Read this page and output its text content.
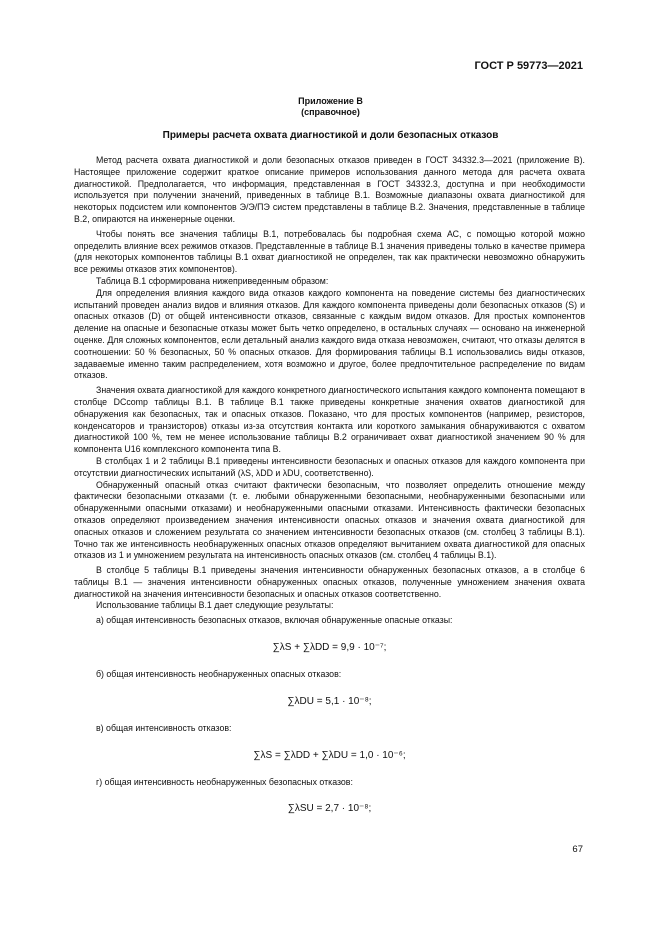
ГОСТ Р 59773—2021
Приложение В
(справочное)
Примеры расчета охвата диагностикой и доли безопасных отказов

Метод расчета охвата диагностикой и доли безопасных отказов приведен в ГОСТ 34332.3—2021 (приложение В). Настоящее приложение содержит краткое описание примеров использования данного метода для расчета охвата диагностикой. Предполагается, что информация, представленная в ГОСТ 34332.3, доступна и при необходимости используется при получении значений, приведенных в таблице В.1. Возможные диапазоны охвата диагностикой для некоторых подсистем или компонентов Э/Э/ПЭ систем представлены в таблице В.2. Значения, представленные в таблице В.2, опираются на инженерные оценки.

Чтобы понять все значения таблицы В.1, потребовалась бы подробная схема АС, с помощью которой можно определить влияние всех режимов отказов. Представленные в таблице В.1 значения приведены только в качестве примера (для некоторых компонентов таблицы В.1 охват диагностикой не определен, так как практически невозможно обнаружить все режимы отказов этих компонентов).

Таблица В.1 сформирована нижеприведенным образом:

Для определения влияния каждого вида отказов каждого компонента на поведение системы без диагностических испытаний проведен анализ видов и влияния отказов. Для каждого компонента приведены доли безопасных отказов (S) и опасных отказов (D) от общей интенсивности отказов, связанные с каждым видом отказов. Для простых компонентов деление на опасные и безопасные отказы может быть четко определено, в остальных случаях — основано на инженерной оценке. Для сложных компонентов, если детальный анализ каждого вида отказа невозможен, считают, что отказы делятся в соотношении: 50 % безопасных, 50 % опасных отказов. Для формирования таблицы В.1 использовались виды отказов, задаваемые именно таким распределением, хотя возможно и другое, более предпочтительное распределение по видам отказов.

Значения охвата диагностикой для каждого конкретного диагностического испытания каждого компонента помещают в столбце DCcomp таблицы В.1. В таблице В.1 также приведены конкретные значения охватов диагностикой для обнаружения как безопасных, так и опасных отказов. Показано, что для простых компонентов (например, резисторов, конденсаторов и транзисторов) отказы из-за отсутствия контакта или короткого замыкания обнаруживаются с охватом диагностикой 100 %, тем не менее использование таблицы В.2 ограничивает охват диагностикой значением 90 % для компонента U16 комплексного компонента типа B.

В столбцах 1 и 2 таблицы В.1 приведены интенсивности безопасных и опасных отказов для каждого компонента при отсутствии диагностических испытаний (λS, λDD и λDU, соответственно).

Обнаруженный опасный отказ считают фактически безопасным, что позволяет определить отношение между фактически безопасными отказами (т. е. любыми обнаруженными безопасными, необнаруженными безопасными или обнаруженными опасными отказами) и необнаруженными опасными отказами. Интенсивность фактически безопасных отказов определяют произведением значения интенсивности опасных отказов и значения охвата диагностикой для опасных отказов и сложением результата со значением интенсивности безопасных отказов (см. столбец 3 таблицы В.1). Точно так же интенсивность необнаруженных опасных отказов определяют вычитанием охвата диагностикой для опасных отказов из 1 и умножением результата на интенсивность опасных отказов (см. столбец 4 таблицы В.1).

В столбце 5 таблицы В.1 приведены значения интенсивности обнаруженных безопасных отказов, а в столбце 6 таблицы В.1 — значения интенсивности обнаруженных опасных отказов, полученные умножением значения охвата диагностикой на значения интенсивности безопасных и опасных отказов соответственно.

Использование таблицы В.1 дает следующие результаты:

а) общая интенсивность безопасных отказов, включая обнаруженные опасные отказы:

∑λS + ∑λDD = 9,9 · 10⁻⁷;

б) общая интенсивность необнаруженных опасных отказов:

∑λDU = 5,1 · 10⁻⁸;

в) общая интенсивность отказов:

∑λS = ∑λDD + ∑λDU = 1,0 · 10⁻⁶;

г) общая интенсивность необнаруженных безопасных отказов:

∑λSU = 2,7 · 10⁻⁸;
67
